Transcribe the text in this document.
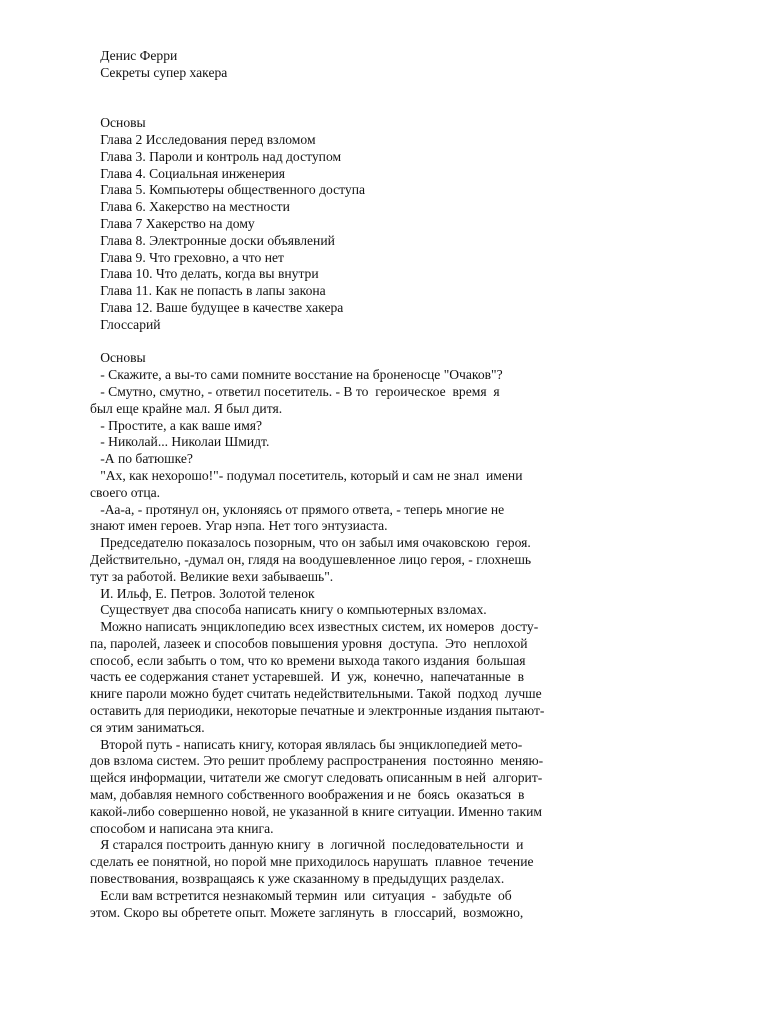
Денис Ферри
Секреты супер хакера
Основы
Глава 2 Исследования перед взломом
Глава 3. Пароли и контроль над доступом
Глава 4. Социальная инженерия
Глава 5. Компьютеры общественного доступа
Глава 6. Хакерство на местности
Глава 7 Хакерство на дому
Глава 8. Электронные доски объявлений
Глава 9. Что греховно, а что нет
Глава 10. Что делать, когда вы внутри
Глава 11. Как не попасть в лапы закона
Глава 12. Ваше будущее в качестве хакера
Глоссарий
Основы
- Скажите, а вы-то сами помните восстание на броненосце "Очаков"?
- Смутно, смутно, - ответил посетитель. - В то  героическое  время  я
был еще крайне мал. Я был дитя.
- Простите, а как ваше имя?
- Николай... Николаи Шмидт.
-А по батюшке?
"Ах, как нехорошо!"- подумал посетитель, который и сам не знал  имени
своего отца.
-Аа-а, - протянул он, уклоняясь от прямого ответа, - теперь многие не
знают имен героев. Угар нэпа. Нет того энтузиаста.
Председателю показалось позорным, что он забыл имя очаковскою  героя.
Действительно, -думал он, глядя на воодушевленное лицо героя, - глохнешь
тут за работой. Великие вехи забываешь".
И. Ильф, Е. Петров. Золотой теленок
Существует два способа написать книгу о компьютерных взломах.
Можно написать энциклопедию всех известных систем, их номеров  досту-
па, паролей, лазеек и способов повышения уровня  доступа.  Это  неплохой
способ, если забыть о том, что ко времени выхода такого издания  большая
часть ее содержания станет устаревшей.  И  уж,  конечно,  напечатанные  в
книге пароли можно будет считать недействительными. Такой  подход  лучше
оставить для периодики, некоторые печатные и электронные издания пытают-
ся этим заниматься.
Второй путь - написать книгу, которая являлась бы энциклопедией мето-
дов взлома систем. Это решит проблему распространения  постоянно  меняю-
щейся информации, читатели же смогут следовать описанным в ней  алгорит-
мам, добавляя немного собственного воображения и не  боясь  оказаться  в
какой-либо совершенно новой, не указанной в книге ситуации. Именно таким
способом и написана эта книга.
Я старался построить данную книгу  в  логичной  последовательности  и
сделать ее понятной, но порой мне приходилось нарушать  плавное  течение
повествования, возвращаясь к уже сказанному в предыдущих разделах.
Если вам встретится незнакомый термин  или  ситуация  -  забудьте  об
этом. Скоро вы обретете опыт. Можете заглянуть  в  глоссарий,  возможно,
